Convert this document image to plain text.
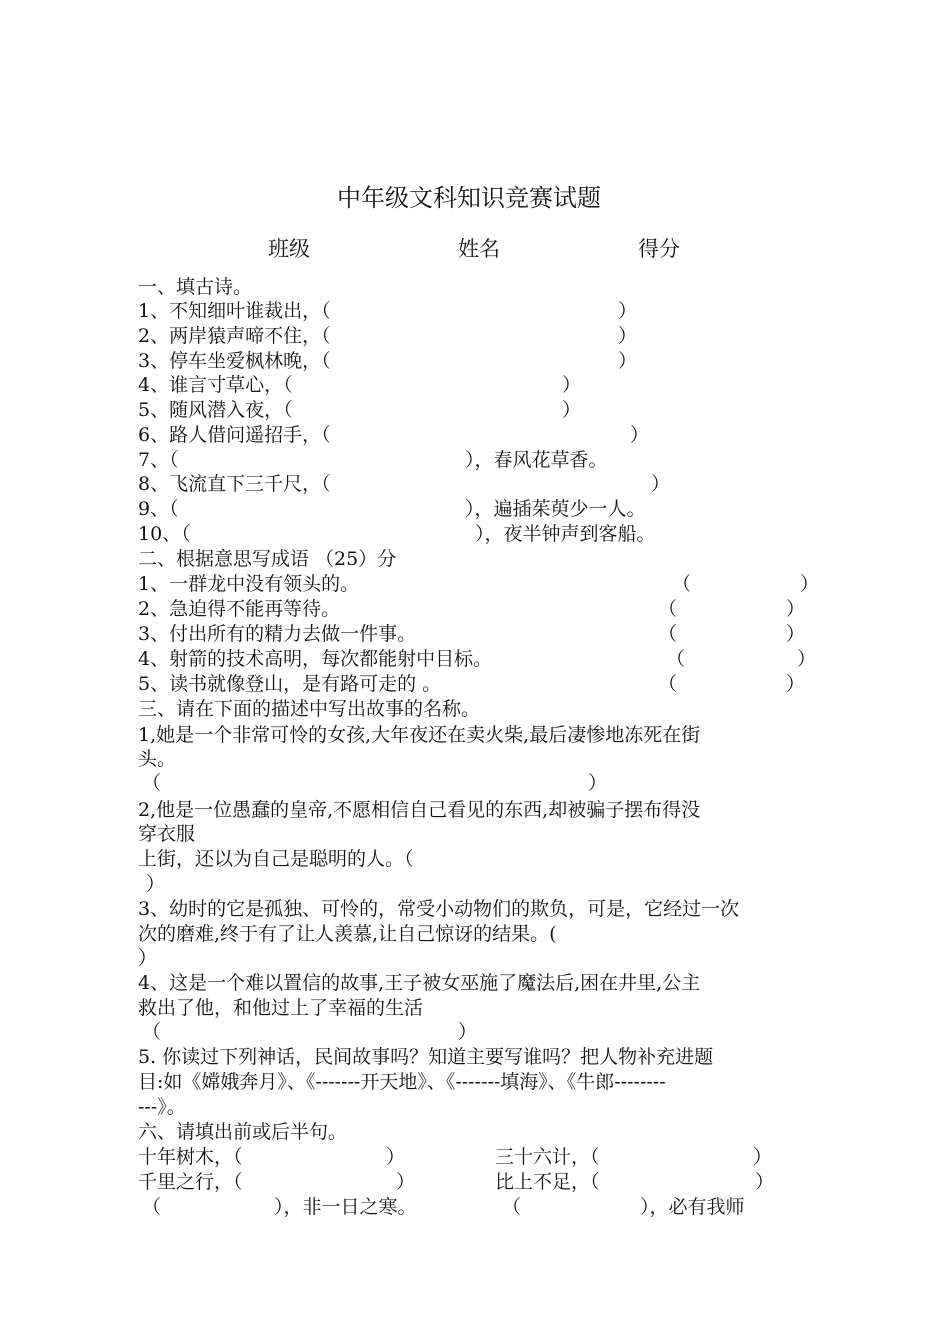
中年级文科知识竞赛试题
班级	姓名	得分
一、填古诗。
1、不知细叶谁裁出，（	）
2、两岸猿声啼不住，（	）
3、停车坐爱枫林晚，（	）
4、谁言寸草心，（	）
5、随风潜入夜，（	）
6、路人借问遥招手，（	）
7、（	），春风花草香。
8、飞流直下三千尺，（	）
9、（	），遍插茱萸少一人。
10、（	），夜半钟声到客船。
二、根据意思写成语 （25）分
1、一群龙中没有领头的。	（	）
2、急迫得不能再等待。	（	）
3、付出所有的精力去做一件事。	（	）
4、射箭的技术高明，每次都能射中目标。	（	）
5、读书就像登山，是有路可走的 。	（	）
三、请在下面的描述中写出故事的名称。
1,她是一个非常可怜的女孩,大年夜还在卖火柴,最后凄惨地冻死在街
头。
（	）
2,他是一位愚蠢的皇帝,不愿相信自己看见的东西,却被骗子摆布得没
穿衣服
上街，还以为自己是聪明的人。（
）
3、幼时的它是孤独、可怜的，常受小动物们的欺负，可是，它经过一次
次的磨难,终于有了让人羡慕,让自己惊讶的结果。(
）
4、这是一个难以置信的故事,王子被女巫施了魔法后,困在井里,公主
救出了他，和他过上了幸福的生活
（	）
5. 你读过下列神话，民间故事吗？知道主要写谁吗？把人物补充进题
目:如《嫦娥奔月》、《-------开天地》、《-------填海》、《牛郎--------
---》。
六、请填出前或后半句。
十年树木，（	）	三十六计，（	）
千里之行，（	）	比上不足，（	）
（	），非一日之寒。	（	），必有我师
